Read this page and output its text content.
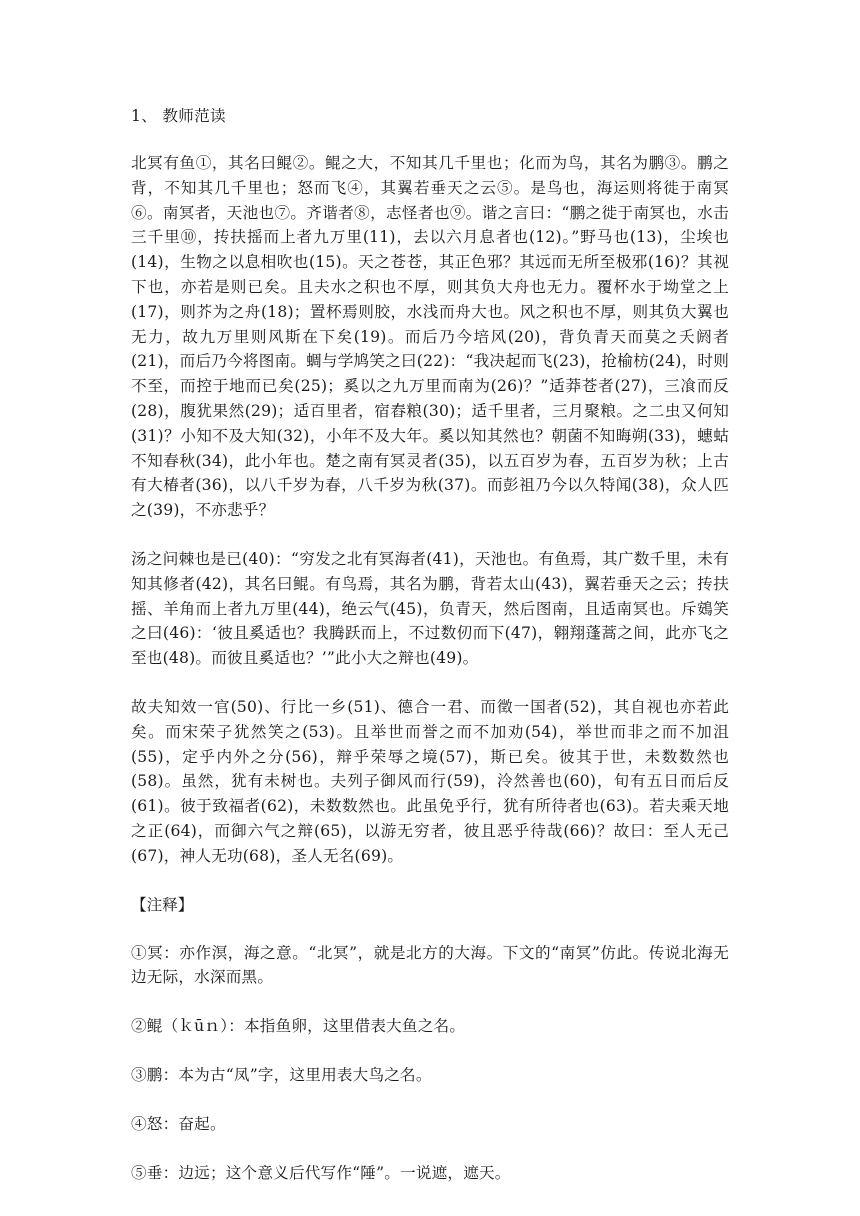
1、 教师范读

北冥有鱼①，其名曰鲲②。鲲之大，不知其几千里也；化而为鸟，其名为鹏③。鹏之背，不知其几千里也；怒而飞④，其翼若垂天之云⑤。是鸟也，海运则将徙于南冥⑥。南冥者，天池也⑦。齐谐者⑧，志怪者也⑨。谐之言曰：“鹏之徙于南冥也，水击三千里⑩，抟扶摇而上者九万里(11)，去以六月息者也(12)。”野马也(13)，尘埃也(14)，生物之以息相吹也(15)。天之苍苍，其正色邪？其远而无所至极邪(16)？其视下也，亦若是则已矣。且夫水之积也不厚，则其负大舟也无力。覆杯水于坳堂之上(17)，则芥为之舟(18)；置杯焉则胶，水浅而舟大也。风之积也不厚，则其负大翼也无力，故九万里则风斯在下矣(19)。而后乃今培风(20)，背负青天而莫之夭阏者(21)，而后乃今将图南。蜩与学鸠笑之曰(22)：“我决起而飞(23)，抢榆枋(24)，时则不至，而控于地而已矣(25)；奚以之九万里而南为(26)？”适莽苍者(27)，三飡而反(28)，腹犹果然(29)；适百里者，宿舂粮(30)；适千里者，三月聚粮。之二虫又何知(31)？小知不及大知(32)，小年不及大年。奚以知其然也？朝菌不知晦朔(33)，蟪蛄不知春秋(34)，此小年也。楚之南有冥灵者(35)，以五百岁为春，五百岁为秋；上古有大椿者(36)，以八千岁为春，八千岁为秋(37)。而彭祖乃今以久特闻(38)，众人匹之(39)，不亦悲乎？

汤之问棘也是已(40)：“穷发之北有冥海者(41)，天池也。有鱼焉，其广数千里，未有知其修者(42)，其名曰鲲。有鸟焉，其名为鹏，背若太山(43)，翼若垂天之云；抟扶摇、羊角而上者九万里(44)，绝云气(45)，负青天，然后图南，且适南冥也。斥鴳笑之曰(46)：‘彼且奚适也？我腾跃而上，不过数仞而下(47)，翱翔蓬蒿之间，此亦飞之至也(48)。而彼且奚适也？’”此小大之辩也(49)。

故夫知效一官(50)、行比一乡(51)、德合一君、而徵一国者(52)，其自视也亦若此矣。而宋荣子犹然笑之(53)。且举世而誉之而不加劝(54)，举世而非之而不加沮(55)，定乎内外之分(56)，辩乎荣辱之境(57)，斯已矣。彼其于世，未数数然也(58)。虽然，犹有未树也。夫列子御风而行(59)，泠然善也(60)，旬有五日而后反(61)。彼于致福者(62)，未数数然也。此虽免乎行，犹有所待者也(63)。若夫乘天地之正(64)，而御六气之辩(65)，以游无穷者，彼且恶乎待哉(66)？故曰：至人无己(67)，神人无功(68)，圣人无名(69)。

【注释】

①冥：亦作溟，海之意。“北冥”，就是北方的大海。下文的“南冥”仿此。传说北海无边无际，水深而黑。

②鲲（ｋūｎ）：本指鱼卵，这里借表大鱼之名。

③鹏：本为古“凤”字，这里用表大鸟之名。

④怒：奋起。

⑤垂：边远；这个意义后代写作“陲”。一说遮，遮天。
